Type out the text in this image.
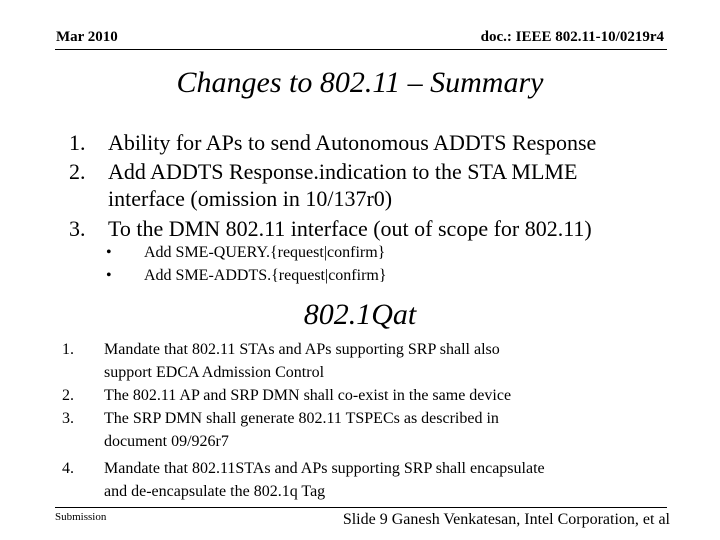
Mar 2010	doc.: IEEE 802.11-10/0219r4
Changes to 802.11 – Summary
1. Ability for APs to send Autonomous ADDTS Response
2. Add ADDTS Response.indication to the STA MLME
interface (omission in 10/137r0)
3. To the DMN 802.11 interface (out of scope for 802.11)
• Add SME-QUERY.{request|confirm}
• Add SME-ADDTS.{request|confirm}
802.1Qat
1. Mandate that 802.11 STAs and APs supporting SRP shall also
support EDCA Admission Control
2. The 802.11 AP and SRP DMN shall co-exist in the same device
3. The SRP DMN shall generate 802.11 TSPECs as described in
document 09/926r7
4. Mandate that 802.11STAs and APs supporting SRP shall encapsulate
and de-encapsulate the 802.1q Tag
Submission	Slide 9 Ganesh Venkatesan, Intel Corporation, et al
